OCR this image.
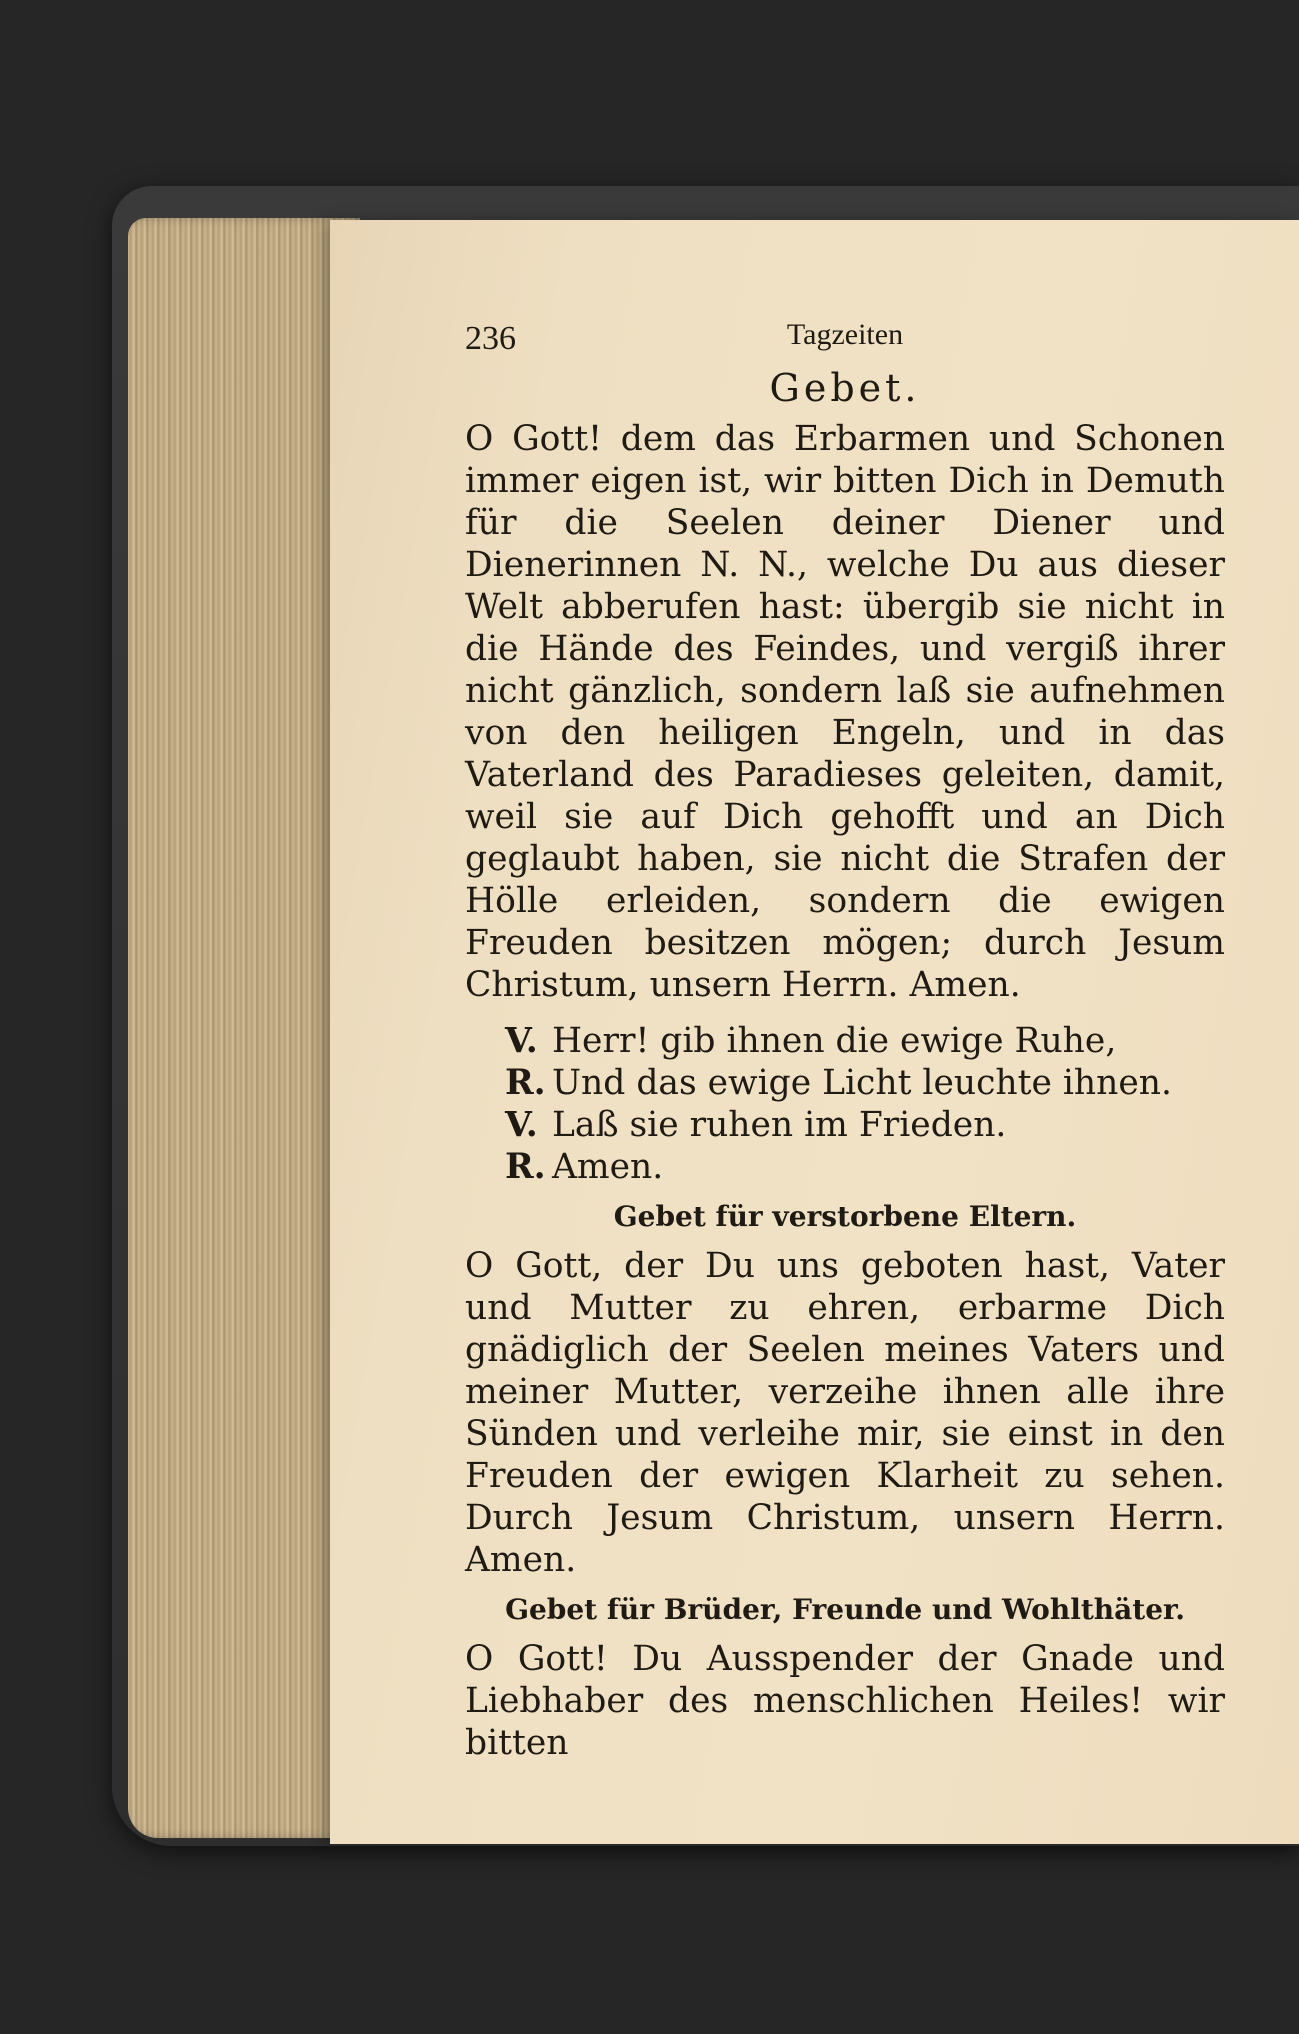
236	Tagzeiten
Gebet.

O Gott! dem das Erbarmen und Schonen immer eigen ist, wir bitten Dich in Demuth für die Seelen deiner Diener und Dienerinnen N. N., welche Du aus dieser Welt abberufen hast: übergib sie nicht in die Hände des Feindes, und vergiß ihrer nicht gänzlich, sondern laß sie aufnehmen von den heiligen Engeln, und in das Vaterland des Paradieses geleiten, damit, weil sie auf Dich gehofft und an Dich geglaubt haben, sie nicht die Strafen der Hölle erleiden, sondern die ewigen Freuden besitzen mögen; durch Jesum Christum, unsern Herrn. Amen.

V. Herr! gib ihnen die ewige Ruhe,
R. Und das ewige Licht leuchte ihnen.
V. Laß sie ruhen im Frieden.
R. Amen.
Gebet für verstorbene Eltern.

O Gott, der Du uns geboten hast, Vater und Mutter zu ehren, erbarme Dich gnädiglich der Seelen meines Vaters und meiner Mutter, verzeihe ihnen alle ihre Sünden und verleihe mir, sie einst in den Freuden der ewigen Klarheit zu sehen. Durch Jesum Christum, unsern Herrn. Amen.

Gebet für Brüder, Freunde und Wohlthäter.

O Gott! Du Ausspender der Gnade und Liebhaber des menschlichen Heiles! wir bitten
